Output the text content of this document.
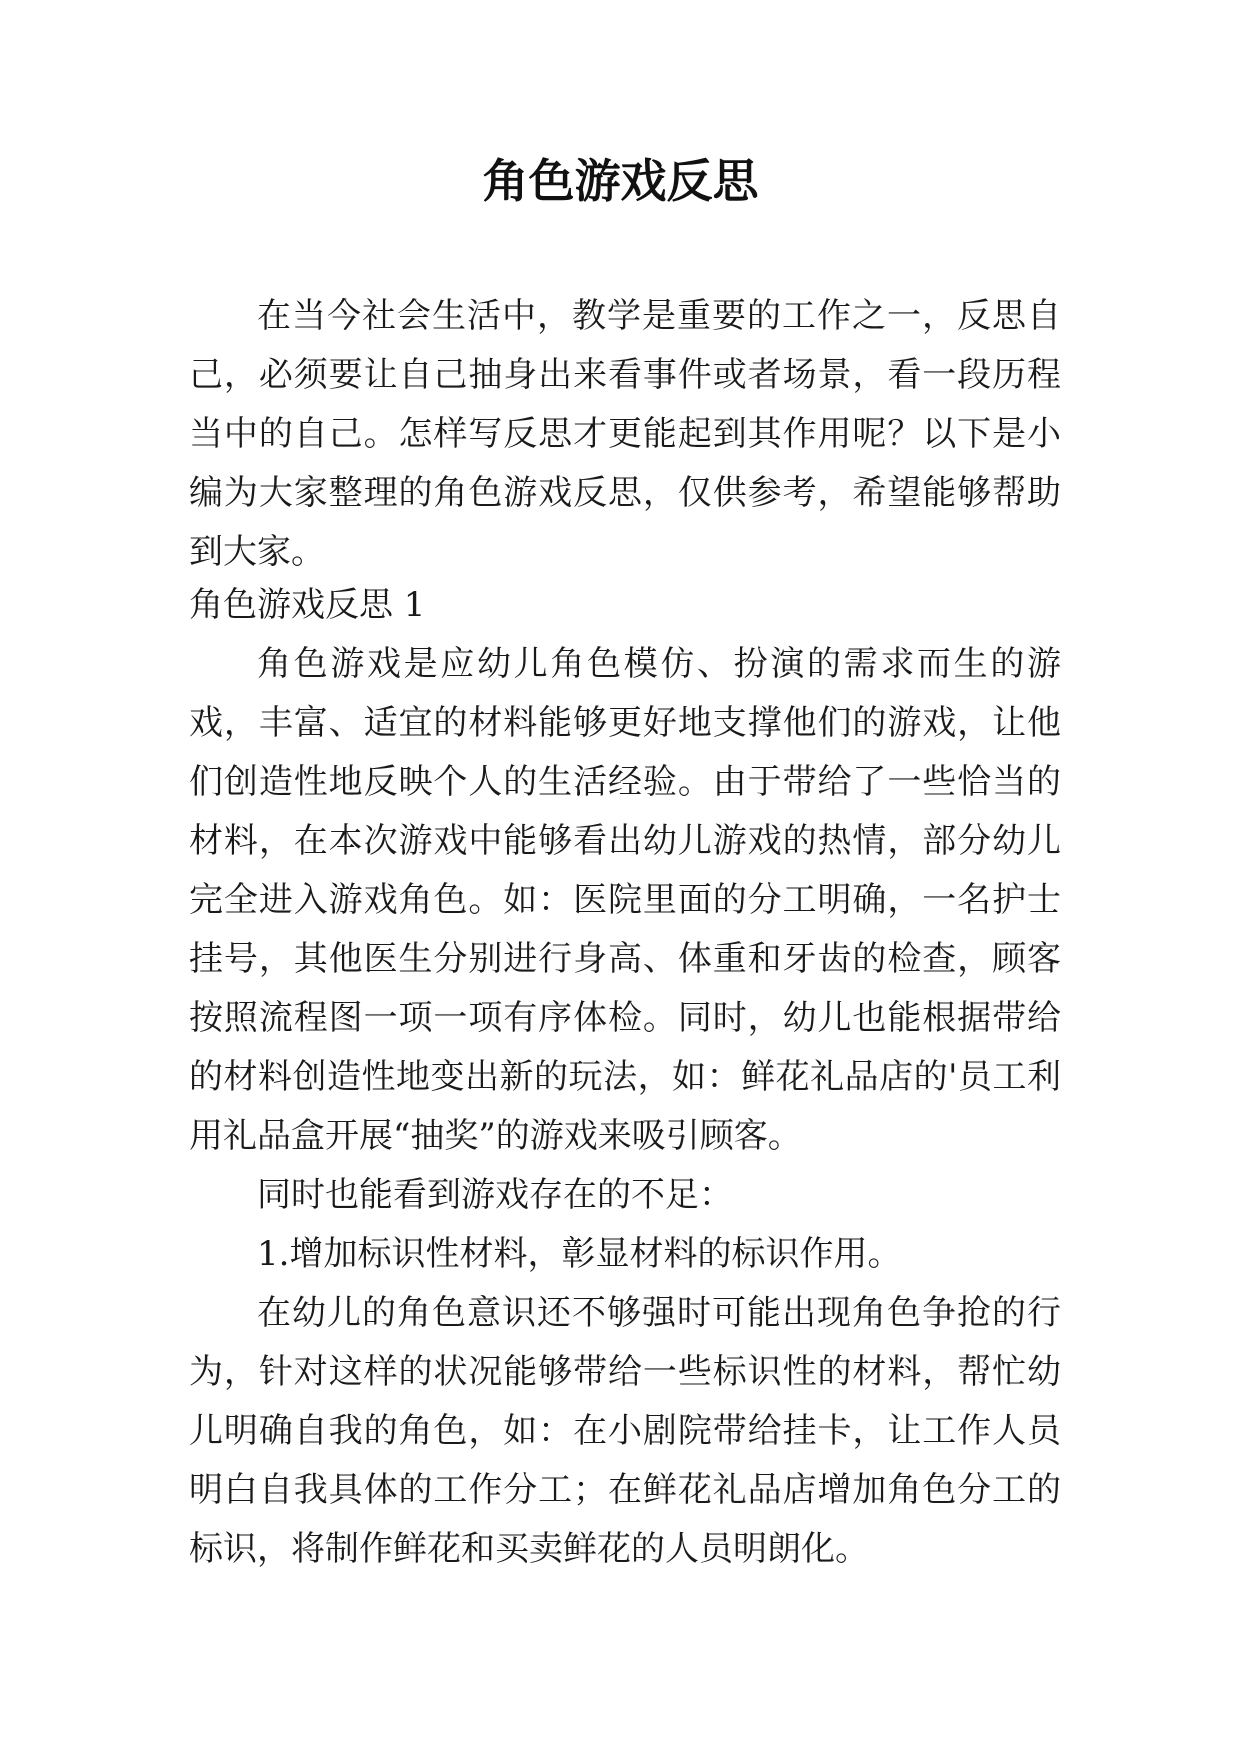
角色游戏反思

在当今社会生活中，教学是重要的工作之一，反思自己，必须要让自己抽身出来看事件或者场景，看一段历程当中的自己。怎样写反思才更能起到其作用呢？以下是小编为大家整理的角色游戏反思，仅供参考，希望能够帮助到大家。

角色游戏反思 1

角色游戏是应幼儿角色模仿、扮演的需求而生的游戏，丰富、适宜的材料能够更好地支撑他们的游戏，让他们创造性地反映个人的生活经验。由于带给了一些恰当的材料，在本次游戏中能够看出幼儿游戏的热情，部分幼儿完全进入游戏角色。如：医院里面的分工明确，一名护士挂号，其他医生分别进行身高、体重和牙齿的检查，顾客按照流程图一项一项有序体检。同时，幼儿也能根据带给的材料创造性地变出新的玩法，如：鲜花礼品店的'员工利用礼品盒开展“抽奖”的游戏来吸引顾客。

同时也能看到游戏存在的不足：

1.增加标识性材料，彰显材料的标识作用。

在幼儿的角色意识还不够强时可能出现角色争抢的行为，针对这样的状况能够带给一些标识性的材料，帮忙幼儿明确自我的角色，如：在小剧院带给挂卡，让工作人员明白自我具体的工作分工；在鲜花礼品店增加角色分工的标识，将制作鲜花和买卖鲜花的人员明朗化。
